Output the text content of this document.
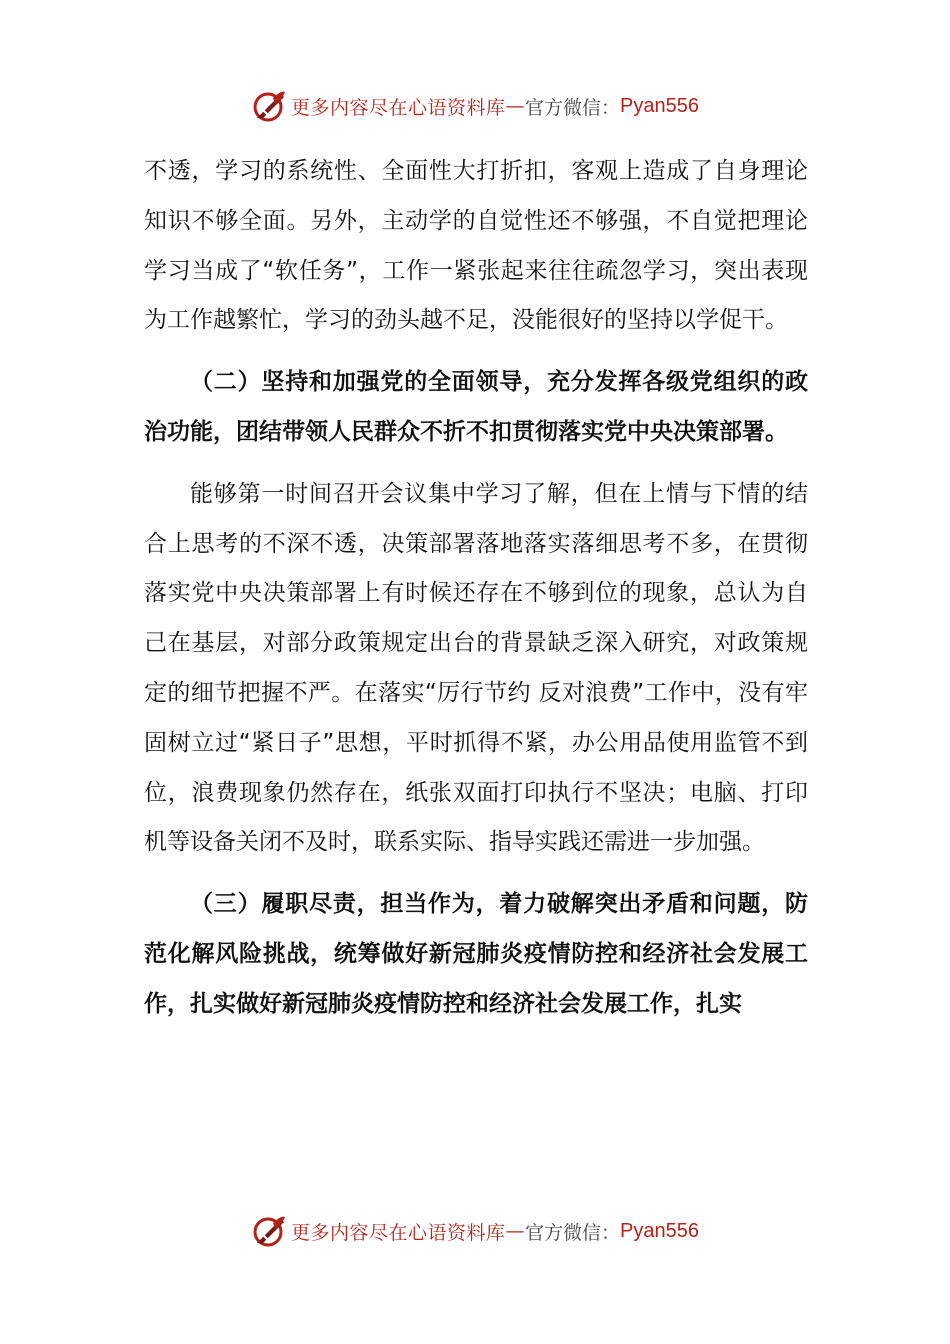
更多内容尽在心语资料库 — 官方微信： Pyan556

不透，学习的系统性、全面性大打折扣，客观上造成了自身理论知识不够全面。另外，主动学的自觉性还不够强，不自觉把理论学习当成了“软任务”，工作一紧张起来往往疏忽学习，突出表现为工作越繁忙，学习的劲头越不足，没能很好的坚持以学促干。

（二）坚持和加强党的全面领导，充分发挥各级党组织的政治功能，团结带领人民群众不折不扣贯彻落实党中央决策部署。

能够第一时间召开会议集中学习了解，但在上情与下情的结合上思考的不深不透，决策部署落地落实落细思考不多，在贯彻落实党中央决策部署上有时候还存在不够到位的现象，总认为自己在基层，对部分政策规定出台的背景缺乏深入研究，对政策规定的细节把握不严。在落实“厉行节约 反对浪费”工作中，没有牢固树立过“紧日子”思想，平时抓得不紧，办公用品使用监管不到位，浪费现象仍然存在，纸张双面打印执行不坚决；电脑、打印机等设备关闭不及时，联系实际、指导实践还需进一步加强。

（三）履职尽责，担当作为，着力破解突出矛盾和问题，防范化解风险挑战，统筹做好新冠肺炎疫情防控和经济社会发展工作，扎实做好新冠肺炎疫情防控和经济社会发展工作，扎实

更多内容尽在心语资料库 — 官方微信： Pyan556
